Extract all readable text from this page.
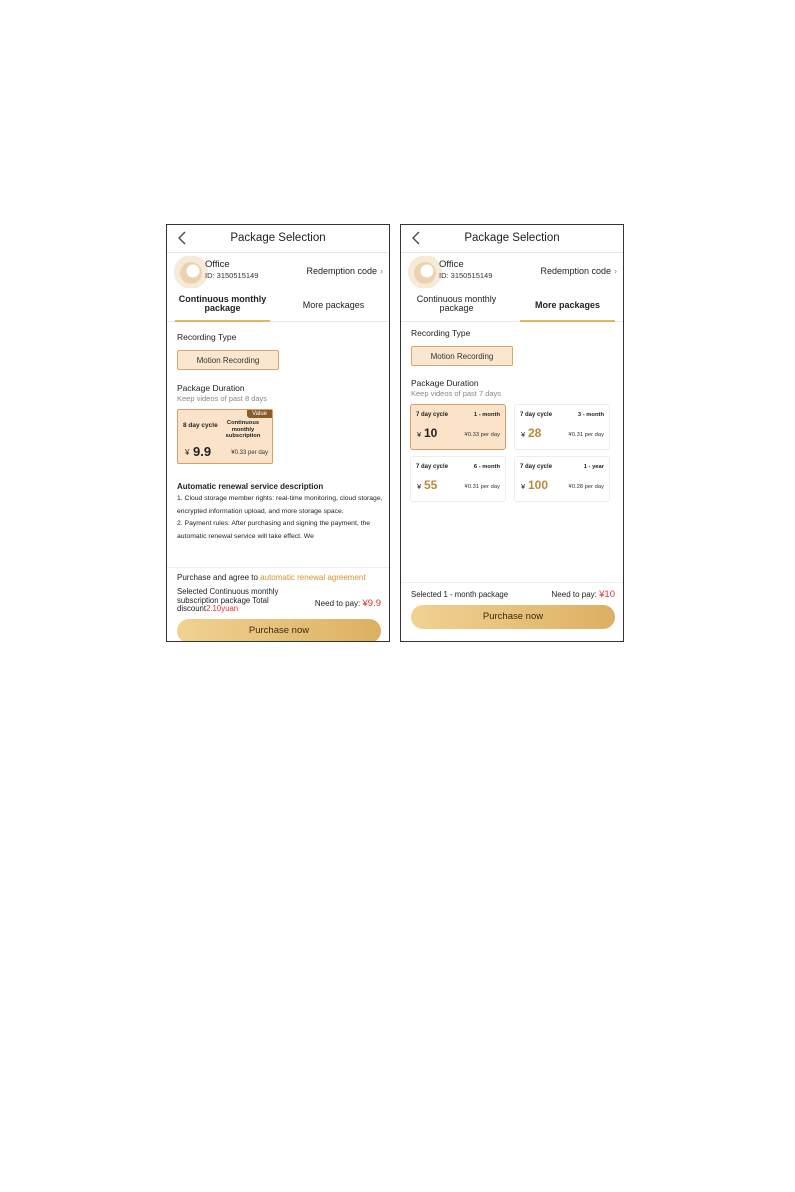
Package Selection
Office
ID: 3150515149	Redemption code ›
Continuous monthly package	More packages
Recording Type
Motion Recording
Package Duration
Keep videos of past 8 days
Value
8 day cycle	Continuous monthly subscription
¥ 9.9	¥0.33 per day
Automatic renewal service description

1. Cloud storage member rights: real-time monitoring, cloud storage, encrypted information upload, and more storage space.

2. Payment rules: After purchasing and signing the payment, the automatic renewal service will take effect. We

Purchase and agree to automatic renewal agreement
Selected Continuous monthly subscription package Total discount2.10yuan
Need to pay: ¥9.9
Purchase now
Package Selection
Office
ID: 3150515149	Redemption code ›
Continuous monthly package	More packages
Recording Type
Motion Recording
Package Duration
Keep videos of past 7 days
7 day cycle	1 - month
¥ 10	¥0.33 per day
7 day cycle	3 - month
¥ 28	¥0.31 per day
7 day cycle	6 - month
¥ 55	¥0.31 per day
7 day cycle	1 - year
¥ 100	¥0.28 per day
Selected 1 - month package	Need to pay: ¥10
Purchase now
